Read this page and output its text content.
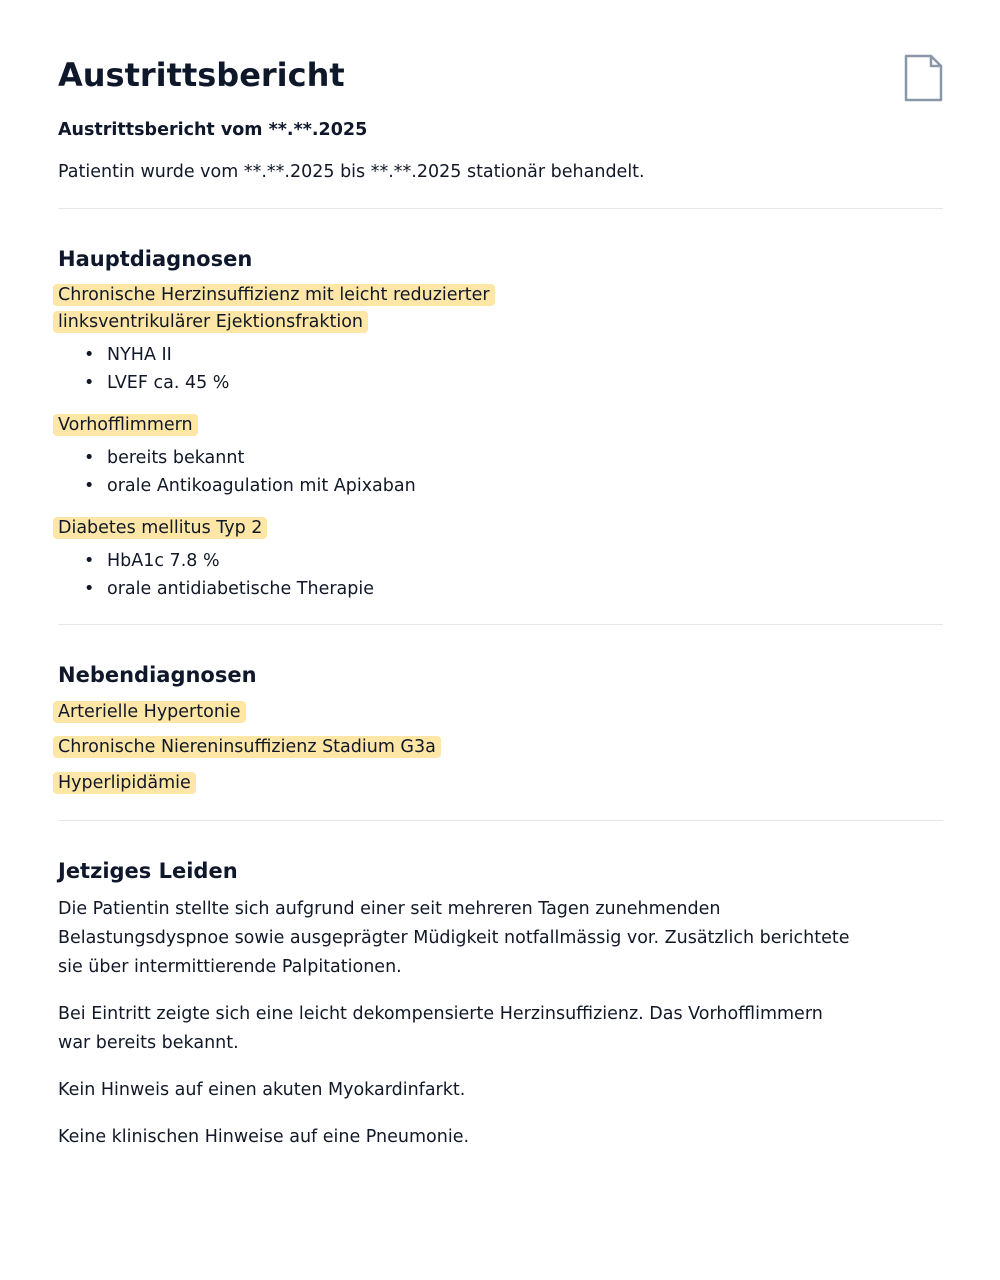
Austrittsbericht
Austrittsbericht vom **.**.2025
Patientin wurde vom **.**.2025 bis **.**.2025 stationär behandelt.
Hauptdiagnosen
Chronische Herzinsuffizienz mit leicht reduzierter linksventrikulärer Ejektionsfraktion
• NYHA II
• LVEF ca. 45 %
Vorhofflimmern
• bereits bekannt
• orale Antikoagulation mit Apixaban
Diabetes mellitus Typ 2
• HbA1c 7.8 %
• orale antidiabetische Therapie
Nebendiagnosen
Arterielle Hypertonie
Chronische Niereninsuffizienz Stadium G3a
Hyperlipidämie
Jetziges Leiden

Die Patientin stellte sich aufgrund einer seit mehreren Tagen zunehmenden Belastungsdyspnoe sowie ausgeprägter Müdigkeit notfallmässig vor. Zusätzlich berichtete sie über intermittierende Palpitationen.

Bei Eintritt zeigte sich eine leicht dekompensierte Herzinsuffizienz. Das Vorhofflimmern war bereits bekannt.

Kein Hinweis auf einen akuten Myokardinfarkt.

Keine klinischen Hinweise auf eine Pneumonie.
